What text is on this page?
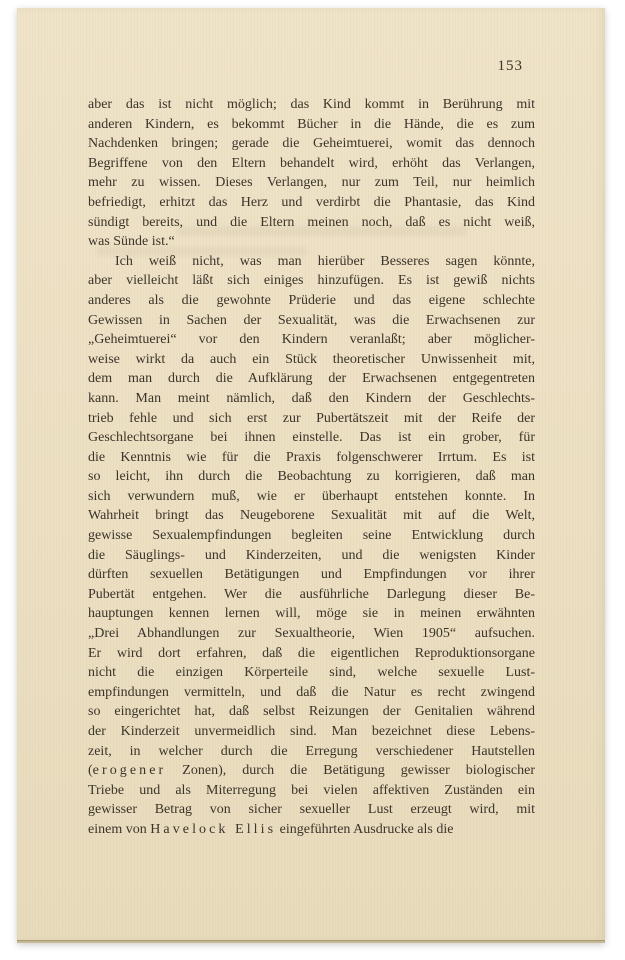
153
aber das ist nicht möglich; das Kind kommt in Berührung mit
anderen Kindern, es bekommt Bücher in die Hände, die es zum
Nachdenken bringen; gerade die Geheimtuerei, womit das dennoch
Begriffene von den Eltern behandelt wird, erhöht das Verlangen,
mehr zu wissen. Dieses Verlangen, nur zum Teil, nur heimlich
befriedigt, erhitzt das Herz und verdirbt die Phantasie, das Kind
sündigt bereits, und die Eltern meinen noch, daß es nicht weiß,
was Sünde ist.“
Ich weiß nicht, was man hierüber Besseres sagen könnte,
aber vielleicht läßt sich einiges hinzufügen. Es ist gewiß nichts
anderes als die gewohnte Prüderie und das eigene schlechte
Gewissen in Sachen der Sexualität, was die Erwachsenen zur
„Geheimtuerei“ vor den Kindern veranlaßt; aber möglicher-
weise wirkt da auch ein Stück theoretischer Unwissenheit mit,
dem man durch die Aufklärung der Erwachsenen entgegentreten
kann. Man meint nämlich, daß den Kindern der Geschlechts-
trieb fehle und sich erst zur Pubertätszeit mit der Reife der
Geschlechtsorgane bei ihnen einstelle. Das ist ein grober, für
die Kenntnis wie für die Praxis folgenschwerer Irrtum. Es ist
so leicht, ihn durch die Beobachtung zu korrigieren, daß man
sich verwundern muß, wie er überhaupt entstehen konnte. In
Wahrheit bringt das Neugeborene Sexualität mit auf die Welt,
gewisse Sexualempfindungen begleiten seine Entwicklung durch
die Säuglings- und Kinderzeiten, und die wenigsten Kinder
dürften sexuellen Betätigungen und Empfindungen vor ihrer
Pubertät entgehen. Wer die ausführliche Darlegung dieser Be-
hauptungen kennen lernen will, möge sie in meinen erwähnten
„Drei Abhandlungen zur Sexualtheorie, Wien 1905“ aufsuchen.
Er wird dort erfahren, daß die eigentlichen Reproduktionsorgane
nicht die einzigen Körperteile sind, welche sexuelle Lust-
empfindungen vermitteln, und daß die Natur es recht zwingend
so eingerichtet hat, daß selbst Reizungen der Genitalien während
der Kinderzeit unvermeidlich sind. Man bezeichnet diese Lebens-
zeit, in welcher durch die Erregung verschiedener Hautstellen
(erogener Zonen), durch die Betätigung gewisser biologischer
Triebe und als Miterregung bei vielen affektiven Zuständen ein
gewisser Betrag von sicher sexueller Lust erzeugt wird, mit
einem von Havelock Ellis eingeführten Ausdrucke als die
